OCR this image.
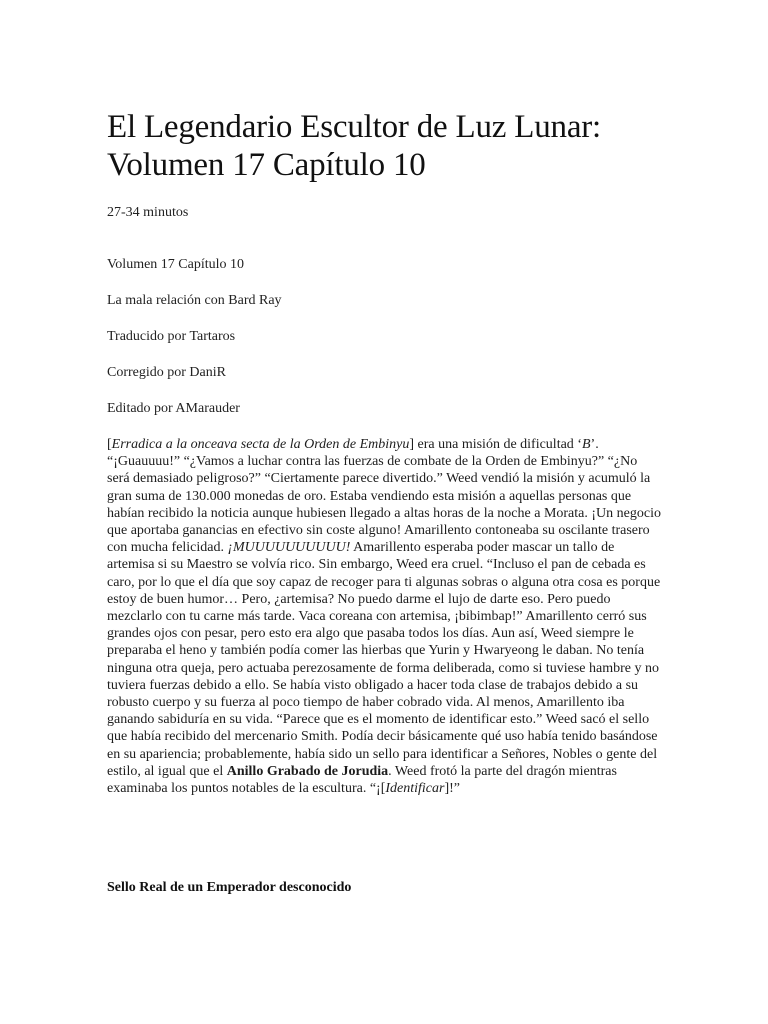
El Legendario Escultor de Luz Lunar:
Volumen 17 Capítulo 10
27-34 minutos

Volumen 17 Capítulo 10

La mala relación con Bard Ray

Traducido por Tartaros

Corregido por DaniR

Editado por AMarauder

[Erradica a la onceava secta de la Orden de Embinyu] era una misión de dificultad ‘B’. “¡Guauuuu!” “¿Vamos a luchar contra las fuerzas de combate de la Orden de Embinyu?” “¿No será demasiado peligroso?” “Ciertamente parece divertido.” Weed vendió la misión y acumuló la gran suma de 130.000 monedas de oro. Estaba vendiendo esta misión a aquellas personas que habían recibido la noticia aunque hubiesen llegado a altas horas de la noche a Morata. ¡Un negocio que aportaba ganancias en efectivo sin coste alguno! Amarillento contoneaba su oscilante trasero con mucha felicidad. ¡MUUUUUUUUUU! Amarillento esperaba poder mascar un tallo de artemisa si su Maestro se volvía rico. Sin embargo, Weed era cruel. “Incluso el pan de cebada es caro, por lo que el día que soy capaz de recoger para ti algunas sobras o alguna otra cosa es porque estoy de buen humor… Pero, ¿artemisa? No puedo darme el lujo de darte eso. Pero puedo mezclarlo con tu carne más tarde. Vaca coreana con artemisa, ¡bibimbap!” Amarillento cerró sus grandes ojos con pesar, pero esto era algo que pasaba todos los días. Aun así, Weed siempre le preparaba el heno y también podía comer las hierbas que Yurin y Hwaryeong le daban. No tenía ninguna otra queja, pero actuaba perezosamente de forma deliberada, como si tuviese hambre y no tuviera fuerzas debido a ello. Se había visto obligado a hacer toda clase de trabajos debido a su robusto cuerpo y su fuerza al poco tiempo de haber cobrado vida. Al menos, Amarillento iba ganando sabiduría en su vida. “Parece que es el momento de identificar esto.” Weed sacó el sello que había recibido del mercenario Smith. Podía decir básicamente qué uso había tenido basándose en su apariencia; probablemente, había sido un sello para identificar a Señores, Nobles o gente del estilo, al igual que el Anillo Grabado de Jorudia. Weed frotó la parte del dragón mientras examinaba los puntos notables de la escultura. “¡[Identificar]!”

Sello Real de un Emperador desconocido
